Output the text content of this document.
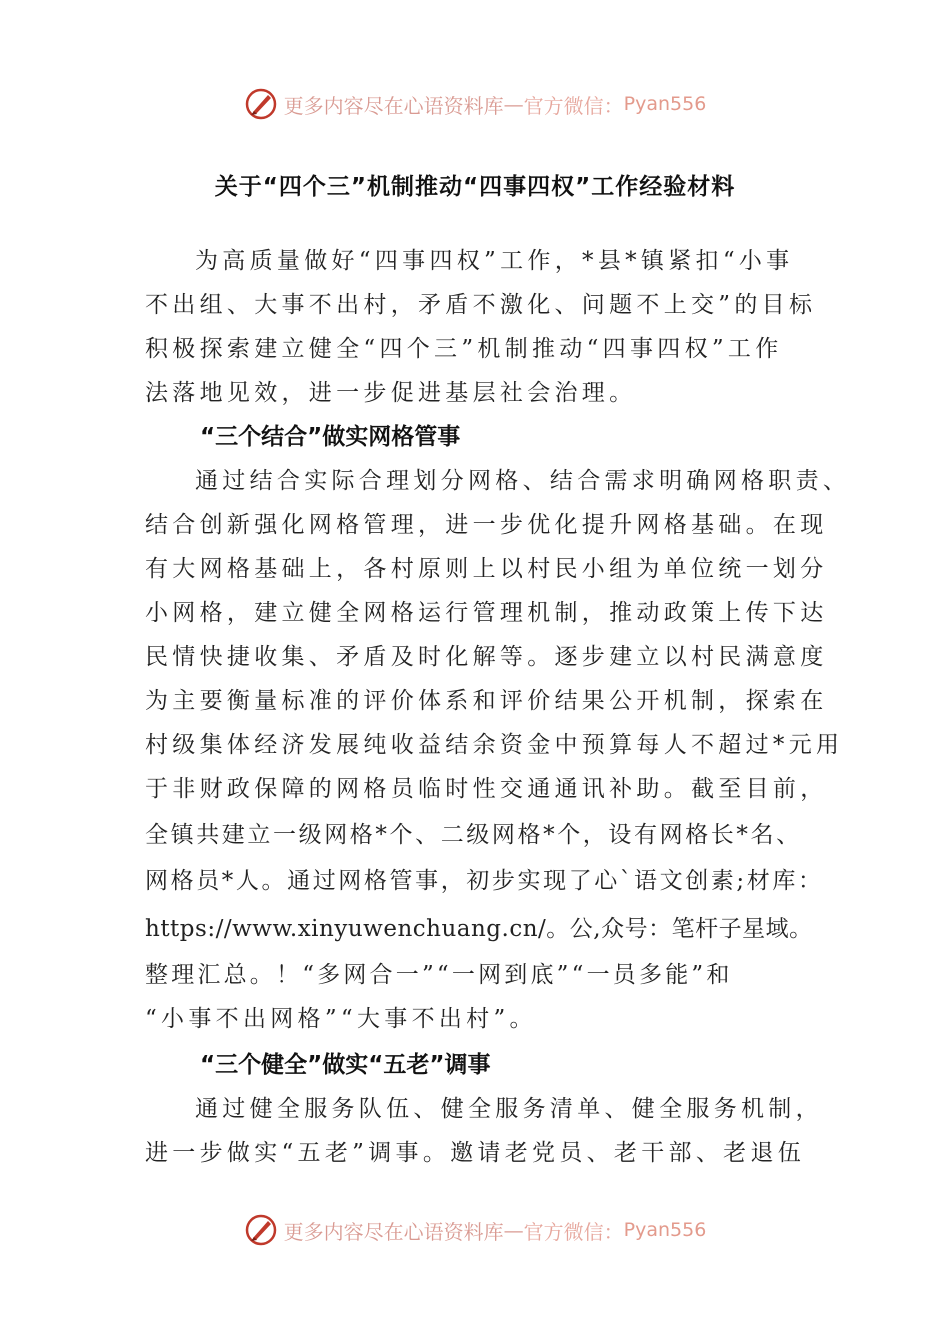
更多内容尽在心语资料库 — 官方微信： Pyan556
关于“四个三”机制推动“四事四权”工作经验材料
为高质量做好“四事四权”工作，*县*镇紧扣“小事
不出组、大事不出村，矛盾不激化、问题不上交”的目标
积极探索建立健全“四个三”机制推动“四事四权”工作
法落地见效，进一步促进基层社会治理。
“三个结合”做实网格管事
通过结合实际合理划分网格、结合需求明确网格职责、
结合创新强化网格管理，进一步优化提升网格基础。在现
有大网格基础上，各村原则上以村民小组为单位统一划分
小网格，建立健全网格运行管理机制，推动政策上传下达
民情快捷收集、矛盾及时化解等。逐步建立以村民满意度
为主要衡量标准的评价体系和评价结果公开机制，探索在
村级集体经济发展纯收益结余资金中预算每人不超过*元用
于非财政保障的网格员临时性交通通讯补助。截至目前，
全镇共建立一级网格*个、二级网格*个，设有网格长*名、
网格员*人。通过网格管事，初步实现了心`语文创素;材库：
https://www.xinyuwenchuang.cn/。公,众号：笔杆子星域。
整理汇总。！“多网合一”“一网到底”“一员多能”和
“小事不出网格”“大事不出村”。
“三个健全”做实“五老”调事
通过健全服务队伍、健全服务清单、健全服务机制，
进一步做实“五老”调事。邀请老党员、老干部、老退伍
更多内容尽在心语资料库 — 官方微信： Pyan556
